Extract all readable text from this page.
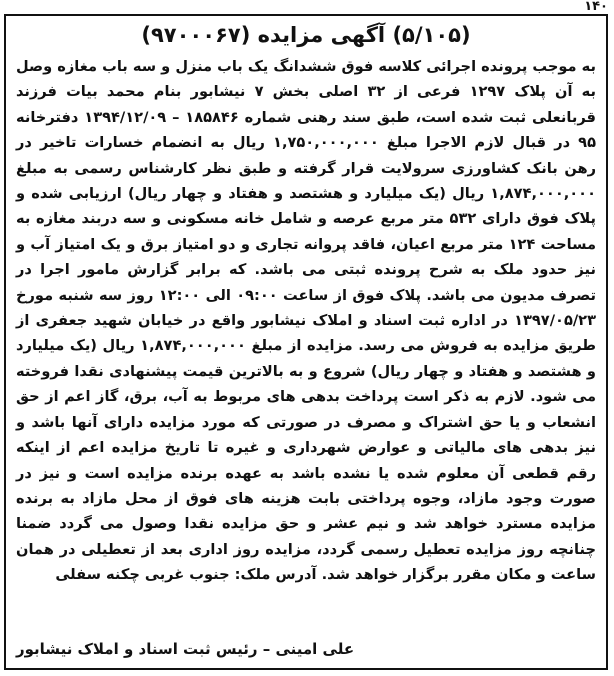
۱۴۰
(۵/۱۰۵) آگهی مزایده (۹۷۰۰۰۶۷)

به موجب پرونده اجرائی کلاسه فوق ششدانگ یک باب منزل و سه باب مغازه وصل به آن پلاک ۱۲۹۷ فرعی از ۳۲ اصلی بخش ۷ نیشابور بنام محمد بیات فرزند قربانعلی ثبت شده است، طبق سند رهنی شماره ۱۸۵۸۴۶ – ۱۳۹۴/۱۲/۰۹ دفترخانه ۹۵ در قبال لازم الاجرا مبلغ ۱,۷۵۰,۰۰۰,۰۰۰ ریال به انضمام خسارات تاخیر در رهن بانک کشاورزی سرولایت قرار گرفته و طبق نظر کارشناس رسمی به مبلغ ۱,۸۷۴,۰۰۰,۰۰۰ ریال (یک میلیارد و هشتصد و هفتاد و چهار ریال) ارزیابی شده و پلاک فوق دارای ۵۳۲ متر مربع عرصه و شامل خانه مسکونی و سه دربند مغازه به مساحت ۱۲۴ متر مربع اعیان، فاقد پروانه تجاری و دو امتیاز برق و یک امتیاز آب و نیز حدود ملک به شرح پرونده ثبتی می باشد. که برابر گزارش مامور اجرا در تصرف مدیون می باشد. پلاک فوق از ساعت ۰۹:۰۰ الی ۱۲:۰۰ روز سه شنبه مورخ ۱۳۹۷/۰۵/۲۳ در اداره ثبت اسناد و املاک نیشابور واقع در خیابان شهید جعفری از طریق مزایده به فروش می رسد. مزایده از مبلغ ۱,۸۷۴,۰۰۰,۰۰۰ ریال (یک میلیارد و هشتصد و هفتاد و چهار ریال) شروع و به بالاترین قیمت پیشنهادی نقدا فروخته می شود. لازم به ذکر است پرداخت بدهی های مربوط به آب، برق، گاز اعم از حق انشعاب و یا حق اشتراک و مصرف در صورتی که مورد مزایده دارای آنها باشد و نیز بدهی های مالیاتی و عوارض شهرداری و غیره تا تاریخ مزایده اعم از اینکه رقم قطعی آن معلوم شده یا نشده باشد به عهده برنده مزایده است و نیز در صورت وجود مازاد، وجوه پرداختی بابت هزینه های فوق از محل مازاد به برنده مزایده مسترد خواهد شد و نیم عشر و حق مزایده نقدا وصول می گردد ضمنا چنانچه روز مزایده تعطیل رسمی گردد، مزایده روز اداری بعد از تعطیلی در همان ساعت و مکان مقرر برگزار خواهد شد. آدرس ملک: جنوب غربی چکنه سفلی

علی امینی – رئیس ثبت اسناد و املاک نیشابور
